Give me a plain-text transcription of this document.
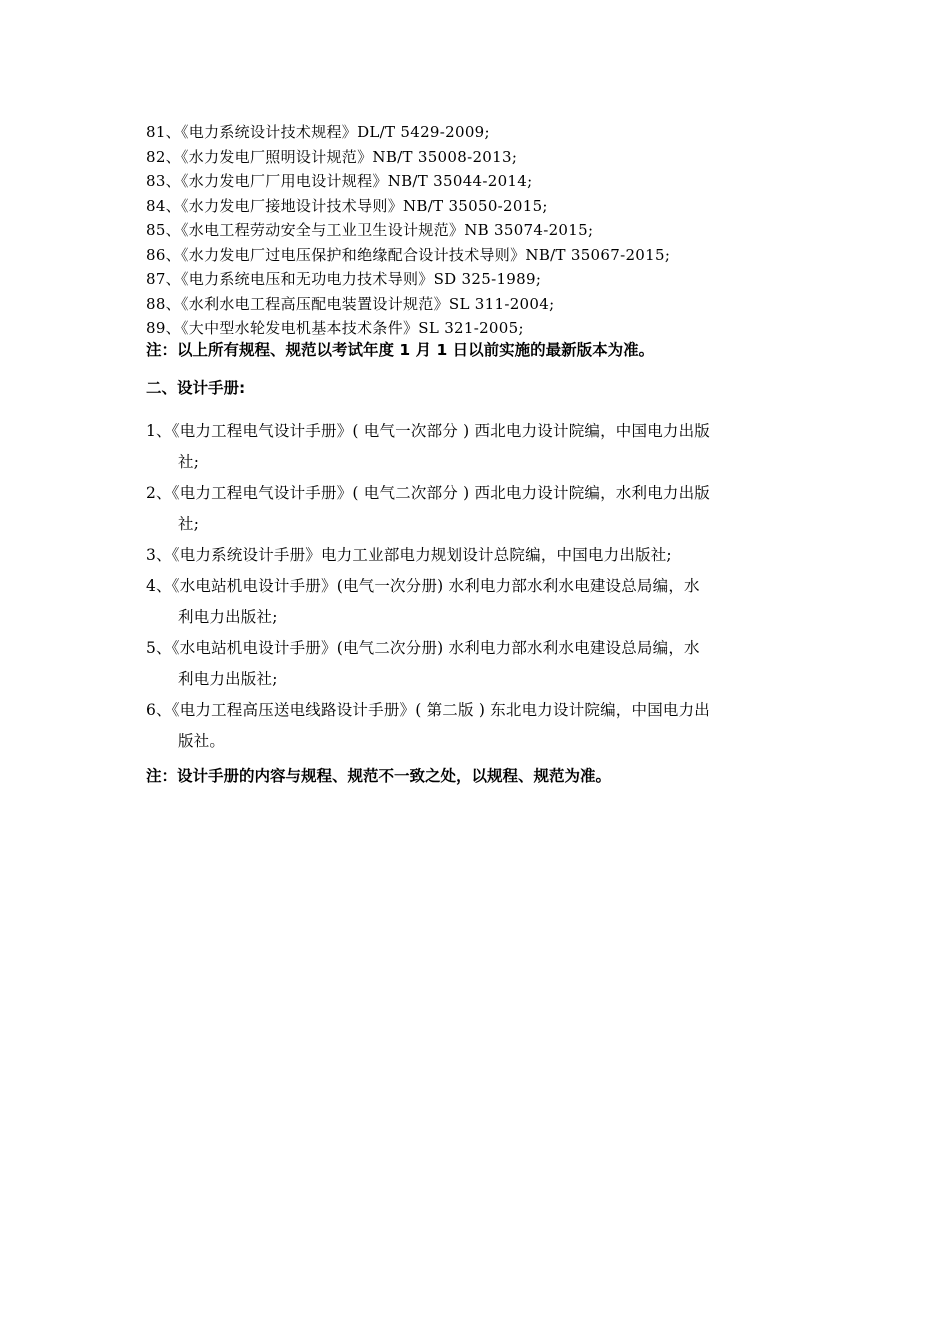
81、《电力系统设计技术规程》DL/T 5429-2009;
82、《水力发电厂照明设计规范》NB/T 35008-2013;
83、《水力发电厂厂用电设计规程》NB/T 35044-2014;
84、《水力发电厂接地设计技术导则》NB/T 35050-2015;
85、《水电工程劳动安全与工业卫生设计规范》NB 35074-2015;
86、《水力发电厂过电压保护和绝缘配合设计技术导则》NB/T 35067-2015;
87、《电力系统电压和无功电力技术导则》SD 325-1989;
88、《水利水电工程高压配电装置设计规范》SL 311-2004;
89、《大中型水轮发电机基本技术条件》SL 321-2005;
注：以上所有规程、规范以考试年度 1 月 1 日以前实施的最新版本为准。
二、设计手册:
1、《电力工程电气设计手册》( 电气一次部分 ) 西北电力设计院编，中国电力出版
社;
2、《电力工程电气设计手册》( 电气二次部分 ) 西北电力设计院编，水利电力出版
社;
3、《电力系统设计手册》电力工业部电力规划设计总院编，中国电力出版社;
4、《水电站机电设计手册》(电气一次分册) 水利电力部水利水电建设总局编，水
利电力出版社;
5、《水电站机电设计手册》(电气二次分册) 水利电力部水利水电建设总局编，水
利电力出版社;
6、《电力工程高压送电线路设计手册》( 第二版 ) 东北电力设计院编，中国电力出
版社。
注：设计手册的内容与规程、规范不一致之处，以规程、规范为准。
